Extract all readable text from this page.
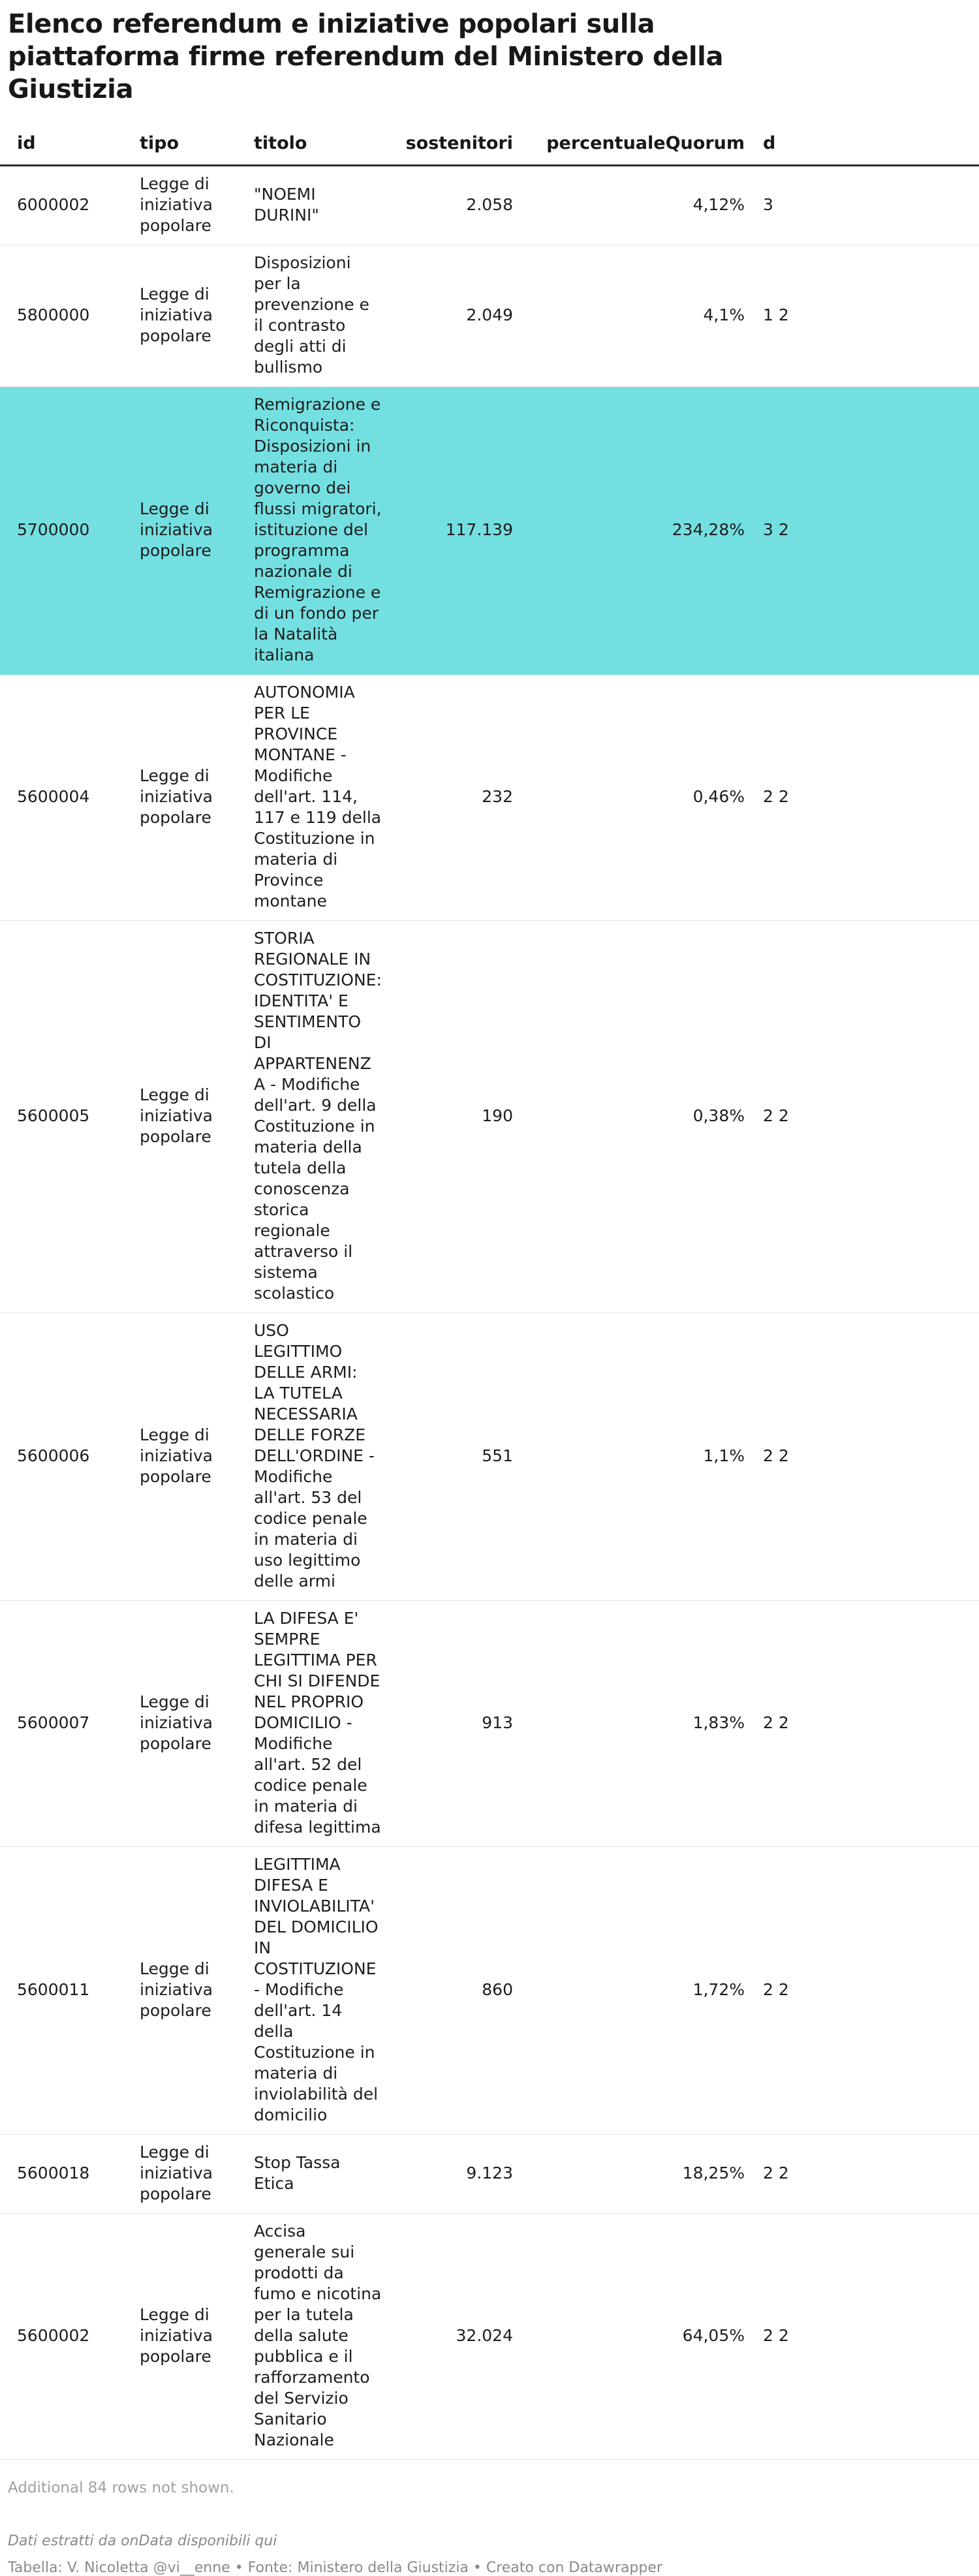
Elenco referendum e iniziative popolari sulla piattaforma firme referendum del Ministero della Giustizia
id	tipo	titolo	sostenitori	percentualeQuorum	d
6000002	Legge di iniziativa popolare	"NOEMI DURINI"	2.058	4,12%	3
5800000	Legge di iniziativa popolare	Disposizioni per la prevenzione e il contrasto degli atti di bullismo	2.049	4,1%	1 2
5700000	Legge di iniziativa popolare	Remigrazione e Riconquista: Disposizioni in materia di governo dei flussi migratori, istituzione del programma nazionale di Remigrazione e di un fondo per la Natalità italiana	117.139	234,28%	3 2
5600004	Legge di iniziativa popolare	AUTONOMIA PER LE PROVINCE MONTANE - Modifiche dell'art. 114, 117 e 119 della Costituzione in materia di Province montane	232	0,46%	2 2
5600005	Legge di iniziativa popolare	STORIA REGIONALE IN COSTITUZIONE: IDENTITA' E SENTIMENTO DI APPARTENENZA - Modifiche dell'art. 9 della Costituzione in materia della tutela della conoscenza storica regionale attraverso il sistema scolastico	190	0,38%	2 2
5600006	Legge di iniziativa popolare	USO LEGITTIMO DELLE ARMI: LA TUTELA NECESSARIA DELLE FORZE DELL'ORDINE - Modifiche all'art. 53 del codice penale in materia di uso legittimo delle armi	551	1,1%	2 2
5600007	Legge di iniziativa popolare	LA DIFESA E' SEMPRE LEGITTIMA PER CHI SI DIFENDE NEL PROPRIO DOMICILIO - Modifiche all'art. 52 del codice penale in materia di difesa legittima	913	1,83%	2 2
5600011	Legge di iniziativa popolare	LEGITTIMA DIFESA E INVIOLABILITA' DEL DOMICILIO IN COSTITUZIONE - Modifiche dell'art. 14 della Costituzione in materia di inviolabilità del domicilio	860	1,72%	2 2
5600018	Legge di iniziativa popolare	Stop Tassa Etica	9.123	18,25%	2 2
5600002	Legge di iniziativa popolare	Accisa generale sui prodotti da fumo e nicotina per la tutela della salute pubblica e il rafforzamento del Servizio Sanitario Nazionale	32.024	64,05%	2 2
Additional 84 rows not shown.
Dati estratti da onData disponibili qui
Tabella: V. Nicoletta @vi__enne • Fonte: Ministero della Giustizia • Creato con Datawrapper
